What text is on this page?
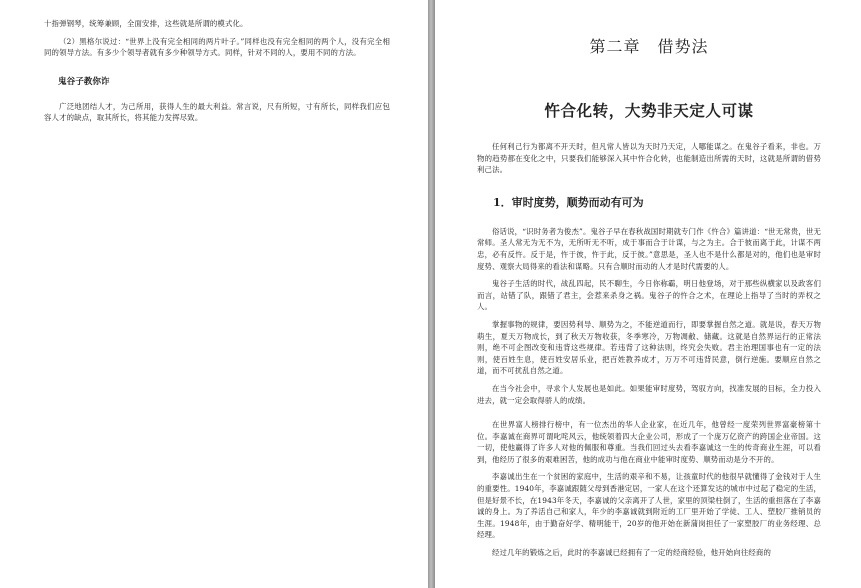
十指弹钢琴，统筹兼顾，全面安排，这些就是所谓的模式化。

（2）黑格尔说过：“世界上没有完全相同的两片叶子。”同样也没有完全相同的两个人，没有完全相同的领导方法。有多少个领导者就有多少种领导方式。同样，针对不同的人，要用不同的方法。

鬼谷子教你诈

广泛地团结人才，为己所用，获得人生的最大利益。常言说，尺有所短，寸有所长，同样我们应包容人才的缺点，取其所长，将其能力发挥尽致。

第二章　借势法
忤合化转，大势非天定人可谋

任何利己行为都离不开天时，但凡常人皆以为天时乃天定，人哪能谋之。在鬼谷子看来，非也。万物的趋势都在变化之中，只要我们能够深入其中忤合化转，也能制造出所需的天时，这就是所谓的借势利己法。

1．审时度势，顺势而动有可为

俗话说，“识时务者为俊杰”。鬼谷子早在春秋战国时期就专门作《忤合》篇讲道：“世无常贵，世无常师。圣人常无为无不为，无所听无不听，成于事而合于计谋，与之为主。合于彼而离于此，计谋不两忠，必有反忤。反于是，忤于彼，忤于此，反于彼。”意思是，圣人也不是什么都是对的，他们也是审时度势、观察大局得来的看法和谋略。只有合顺时而动的人才是时代需要的人。

鬼谷子生活的时代，战乱四起，民不聊生，今日你称霸，明日他登场，对于那些纵横家以及政客们而言，站错了队，跟错了君主，会惹来杀身之祸。鬼谷子的忤合之术，在理论上指导了当时的弄权之人。

掌握事物的规律，要因势利导、顺势为之，不能逆道而行，即要掌握自然之道。就是说，春天万物萌生，夏天万物成长，到了秋天万物收获，冬季寒冷，万物凋敝、储藏。这就是自然界运行的正常法则，绝不可企图改变和违背这些规律。若违背了这种法则，终究会失败。君主治理国事也有一定的法则，使百姓生息，使百姓安居乐业，把百姓教养成才，万万不可违背民意，倒行逆施。要顺应自然之道，而不可扰乱自然之道。

在当今社会中，寻求个人发展也是如此。如果能审时度势，驾驭方向，找准发展的目标，全力投入进去，就一定会取得骄人的成绩。

在世界富人榜排行榜中，有一位杰出的华人企业家，在近几年，他曾经一度荣列世界富豪榜第十位。李嘉诚在商界可谓叱咤风云，他统领着四大企业公司，形成了一个庞万亿资产的跨国企业帝国。这一切，使他赢得了许多人对他的佩服和尊重。当我们回过头去看李嘉诚这一生的传奇商业生涯，可以看到，他经历了很多的艰难困苦，他的成功与他在商业中能审时度势、顺势而动是分不开的。

李嘉诚出生在一个贫困的家庭中，生活的艰辛和不易，让孩童时代的他很早就懂得了金钱对于人生的重要性。1940年，李嘉诚跟随父母到香港定居，一家人在这个还算发达的城市中过起了稳定的生活，但是好景不长，在1943年冬天，李嘉诚的父亲离开了人世，家里的顶梁柱倒了，生活的重担落在了李嘉诚的身上。为了养活自己和家人，年少的李嘉诚就到附近的工厂里开始了学徒、工人、塑胶厂推销员的生涯。1948年，由于勤奋好学、精明能干，20岁的他开始在新蒲岗担任了一家塑胶厂的业务经理、总经理。

经过几年的锻炼之后，此时的李嘉诚已经拥有了一定的经商经验，他开始向往经商的
